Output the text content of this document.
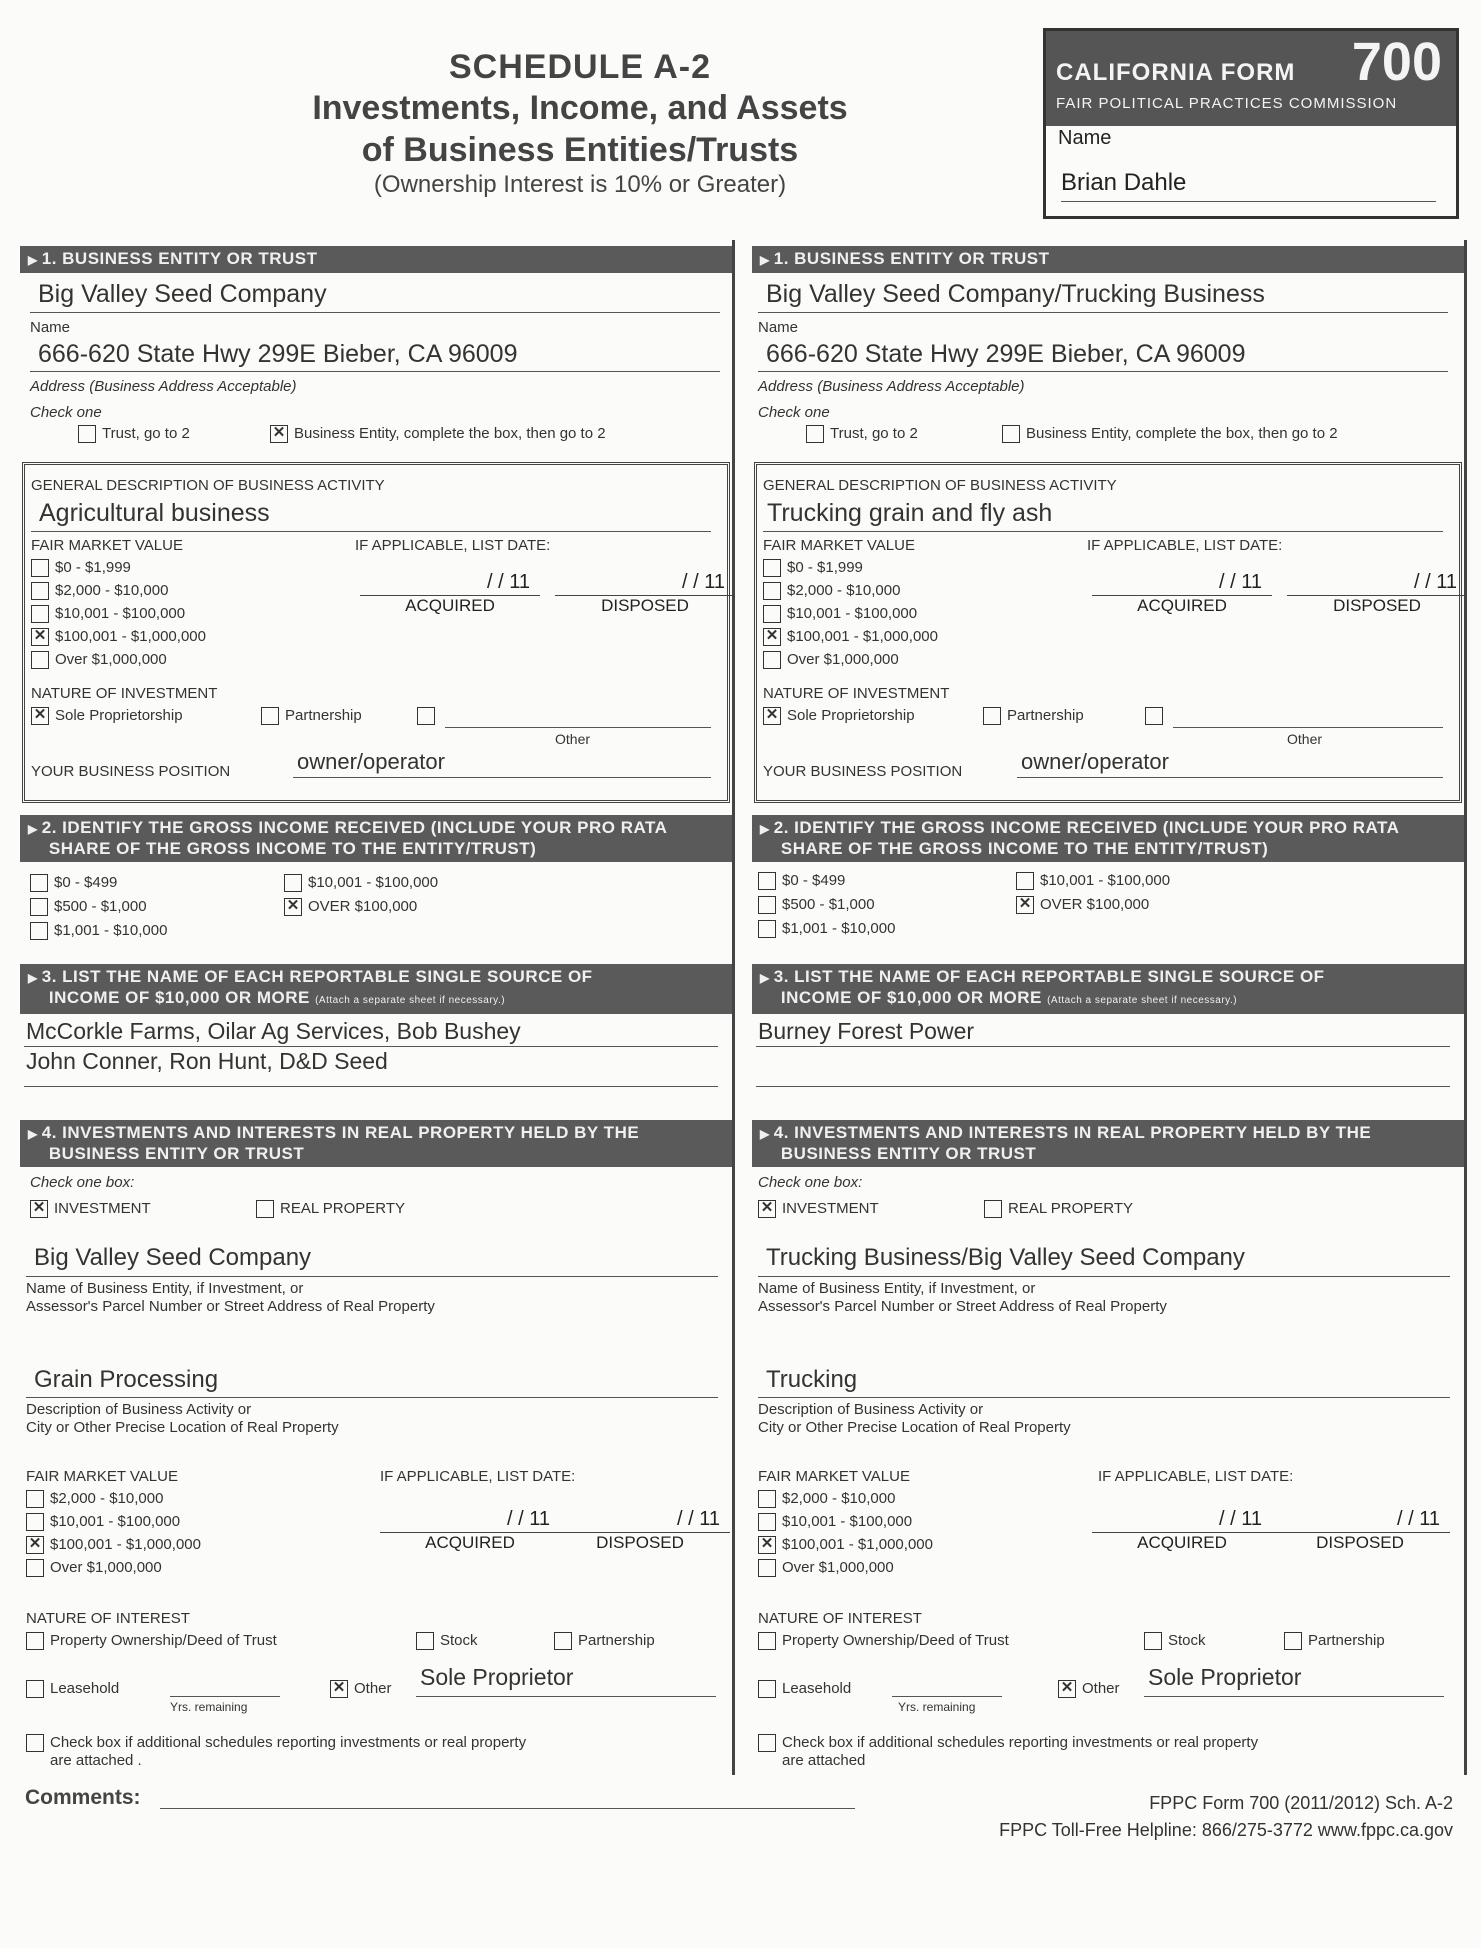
SCHEDULE A-2
Investments, Income, and Assets
of Business Entities/Trusts
(Ownership Interest is 10% or Greater)
CALIFORNIA FORM 700
FAIR POLITICAL PRACTICES COMMISSION
Name
Brian Dahle
▶ 1. BUSINESS ENTITY OR TRUST
Big Valley Seed Company
Name
666-620 State Hwy 299E Bieber, CA 96009
Address (Business Address Acceptable)
Check one
Trust, go to 2	✕ Business Entity, complete the box, then go to 2
GENERAL DESCRIPTION OF BUSINESS ACTIVITY
Agricultural business
FAIR MARKET VALUE	IF APPLICABLE, LIST DATE:
$0 - $1,999
$2,000 - $10,000
$10,001 - $100,000
✕ $100,001 - $1,000,000
Over $1,000,000
/ / 11
ACQUIRED
/ / 11
DISPOSED
NATURE OF INVESTMENT
✕ Sole Proprietorship	Partnership
Other
YOUR BUSINESS POSITION	owner/operator
▶ 2. IDENTIFY THE GROSS INCOME RECEIVED (INCLUDE YOUR PRO RATA
SHARE OF THE GROSS INCOME TO THE ENTITY/TRUST)
$0 - $499
$500 - $1,000
$1,001 - $10,000
$10,001 - $100,000
✕ OVER $100,000
▶ 3. LIST THE NAME OF EACH REPORTABLE SINGLE SOURCE OF
INCOME OF $10,000 OR MORE (Attach a separate sheet if necessary.)
McCorkle Farms, Oilar Ag Services, Bob Bushey
John Conner, Ron Hunt, D&D Seed
▶ 4. INVESTMENTS AND INTERESTS IN REAL PROPERTY HELD BY THE
BUSINESS ENTITY OR TRUST
Check one box:
✕ INVESTMENT	REAL PROPERTY
Big Valley Seed Company
Name of Business Entity, if Investment, or
Assessor's Parcel Number or Street Address of Real Property
Grain Processing
Description of Business Activity or
City or Other Precise Location of Real Property
FAIR MARKET VALUE	IF APPLICABLE, LIST DATE:
$2,000 - $10,000
$10,001 - $100,000
✕ $100,001 - $1,000,000
Over $1,000,000
/ / 11
ACQUIRED
/ / 11
DISPOSED
NATURE OF INTEREST
Property Ownership/Deed of Trust	Stock	Partnership
Leasehold
Yrs. remaining
✕ Other Sole Proprietor
Check box if additional schedules reporting investments or real property
are attached .
▶ 1. BUSINESS ENTITY OR TRUST
Big Valley Seed Company/Trucking Business
Name
666-620 State Hwy 299E Bieber, CA 96009
Address (Business Address Acceptable)
Check one
Trust, go to 2	Business Entity, complete the box, then go to 2
GENERAL DESCRIPTION OF BUSINESS ACTIVITY
Trucking grain and fly ash
FAIR MARKET VALUE	IF APPLICABLE, LIST DATE:
$0 - $1,999
$2,000 - $10,000
$10,001 - $100,000
✕ $100,001 - $1,000,000
Over $1,000,000
/ / 11
ACQUIRED
/ / 11
DISPOSED
NATURE OF INVESTMENT
✕ Sole Proprietorship	Partnership
Other
YOUR BUSINESS POSITION	owner/operator
▶ 2. IDENTIFY THE GROSS INCOME RECEIVED (INCLUDE YOUR PRO RATA
SHARE OF THE GROSS INCOME TO THE ENTITY/TRUST)
$0 - $499
$500 - $1,000
$1,001 - $10,000
$10,001 - $100,000
✕ OVER $100,000
▶ 3. LIST THE NAME OF EACH REPORTABLE SINGLE SOURCE OF
INCOME OF $10,000 OR MORE (Attach a separate sheet if necessary.)
Burney Forest Power
▶ 4. INVESTMENTS AND INTERESTS IN REAL PROPERTY HELD BY THE
BUSINESS ENTITY OR TRUST
Check one box:
✕ INVESTMENT	REAL PROPERTY
Trucking Business/Big Valley Seed Company
Name of Business Entity, if Investment, or
Assessor's Parcel Number or Street Address of Real Property
Trucking
Description of Business Activity or
City or Other Precise Location of Real Property
FAIR MARKET VALUE	IF APPLICABLE, LIST DATE:
$2,000 - $10,000
$10,001 - $100,000
✕ $100,001 - $1,000,000
Over $1,000,000
/ / 11
ACQUIRED
/ / 11
DISPOSED
NATURE OF INTEREST
Property Ownership/Deed of Trust	Stock	Partnership
Leasehold
Yrs. remaining
✕ Other Sole Proprietor
Check box if additional schedules reporting investments or real property
are attached
Comments:	FPPC Form 700 (2011/2012) Sch. A-2
FPPC Toll-Free Helpline: 866/275-3772 www.fppc.ca.gov
